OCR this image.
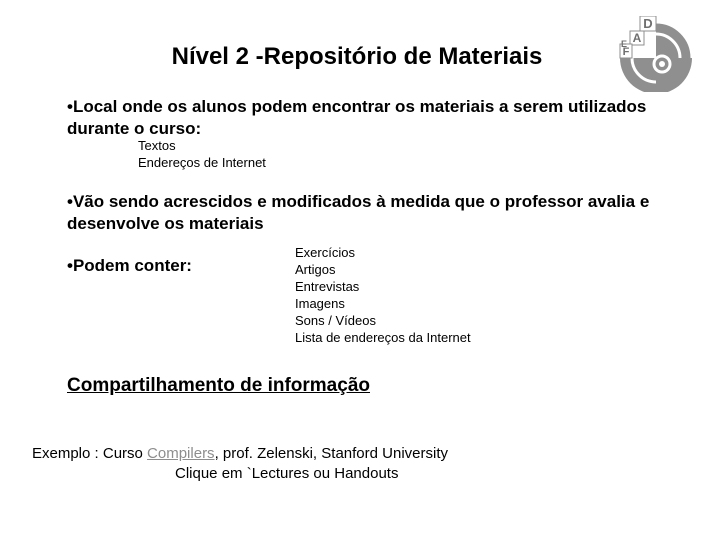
Nível 2 -Repositório de Materiais
D
A
F
E
•Local onde os alunos podem encontrar os materiais a serem utilizados durante o curso:
Textos
Endereços de Internet
•Vão sendo acrescidos e modificados à medida que o professor avalia e desenvolve os materiais
•Podem conter:
Exercícios
Artigos
Entrevistas
Imagens
Sons / Vídeos
Lista de endereços da Internet
Compartilhamento de informação
Exemplo : Curso Compilers, prof. Zelenski, Stanford University
Clique em `Lectures ou Handouts
